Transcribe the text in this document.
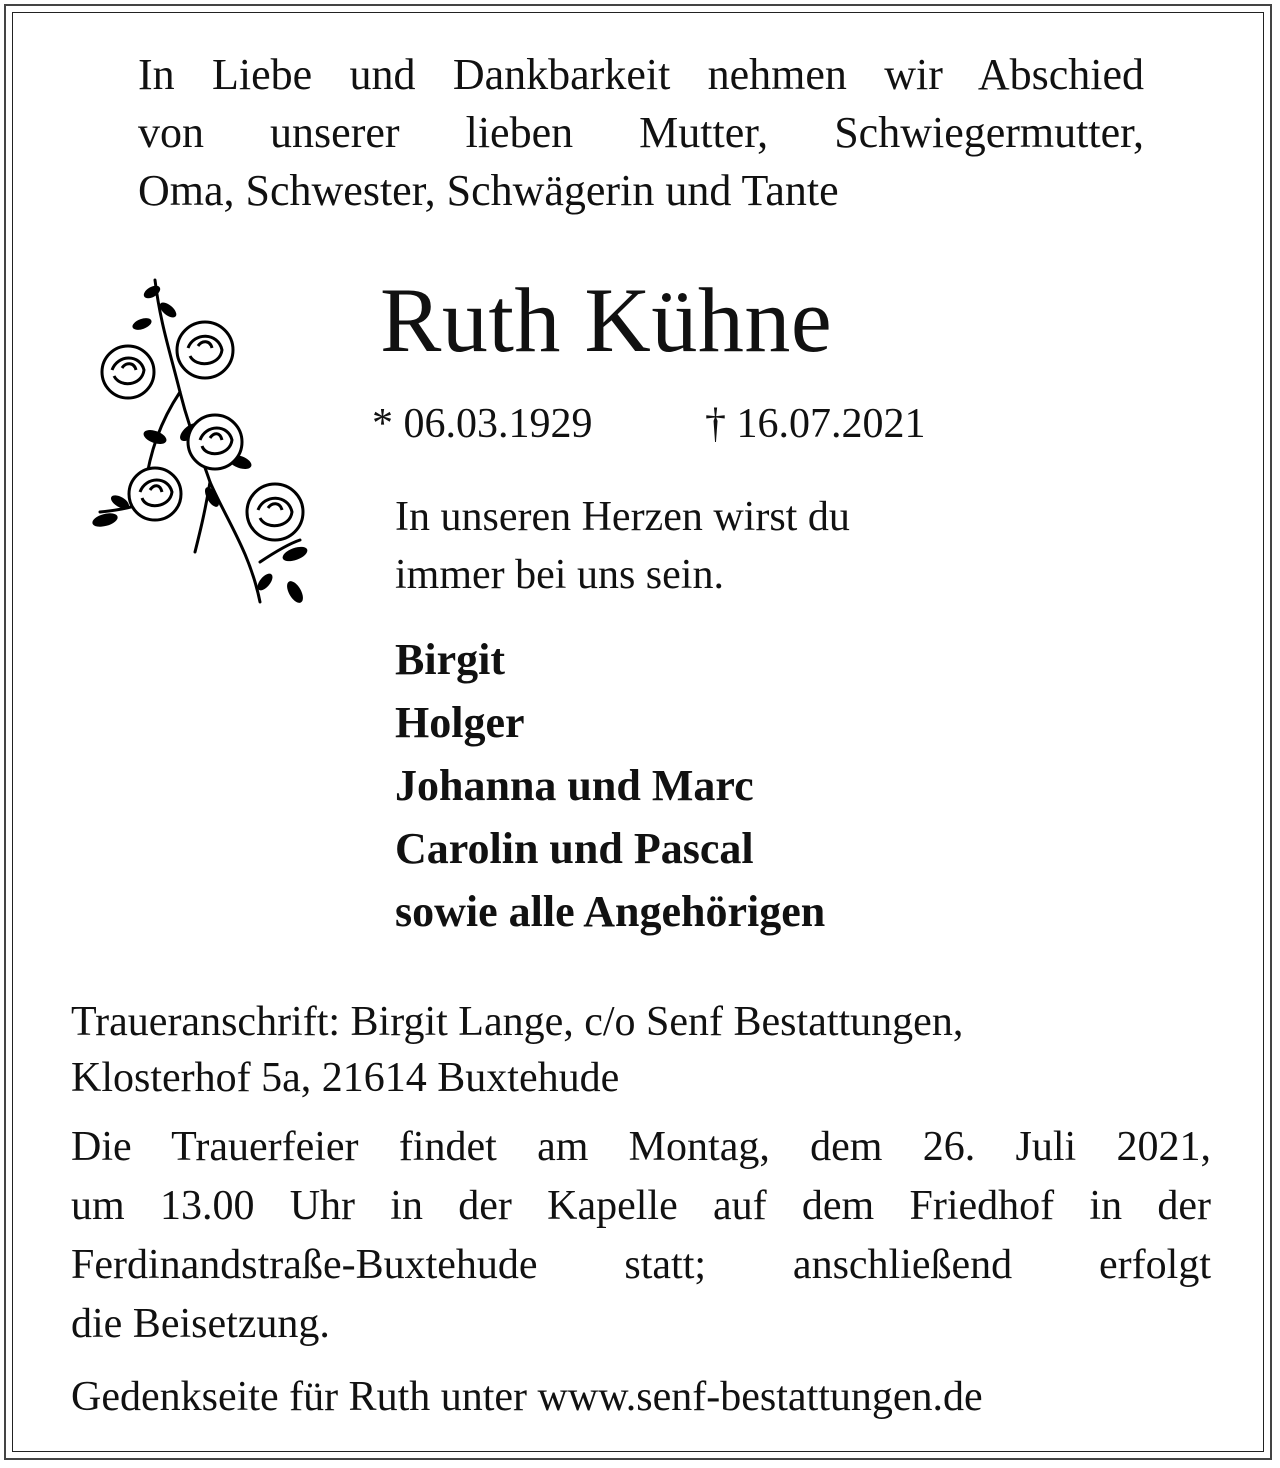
In Liebe und Dankbarkeit nehmen wir Abschied
von unserer lieben Mutter, Schwiegermutter,
Oma, Schwester, Schwägerin und Tante
Ruth Kühne
* 06.03.1929	† 16.07.2021
In unseren Herzen wirst du
immer bei uns sein.
Birgit
Holger
Johanna und Marc
Carolin und Pascal
sowie alle Angehörigen
Traueranschrift: Birgit Lange, c/o Senf Bestattungen,
Klosterhof 5a, 21614 Buxtehude
Die Trauerfeier findet am Montag, dem 26. Juli 2021,
um 13.00 Uhr in der Kapelle auf dem Friedhof in der
Ferdinandstraße-Buxtehude statt; anschließend erfolgt
die Beisetzung.
Gedenkseite für Ruth unter www.senf-bestattungen.de
